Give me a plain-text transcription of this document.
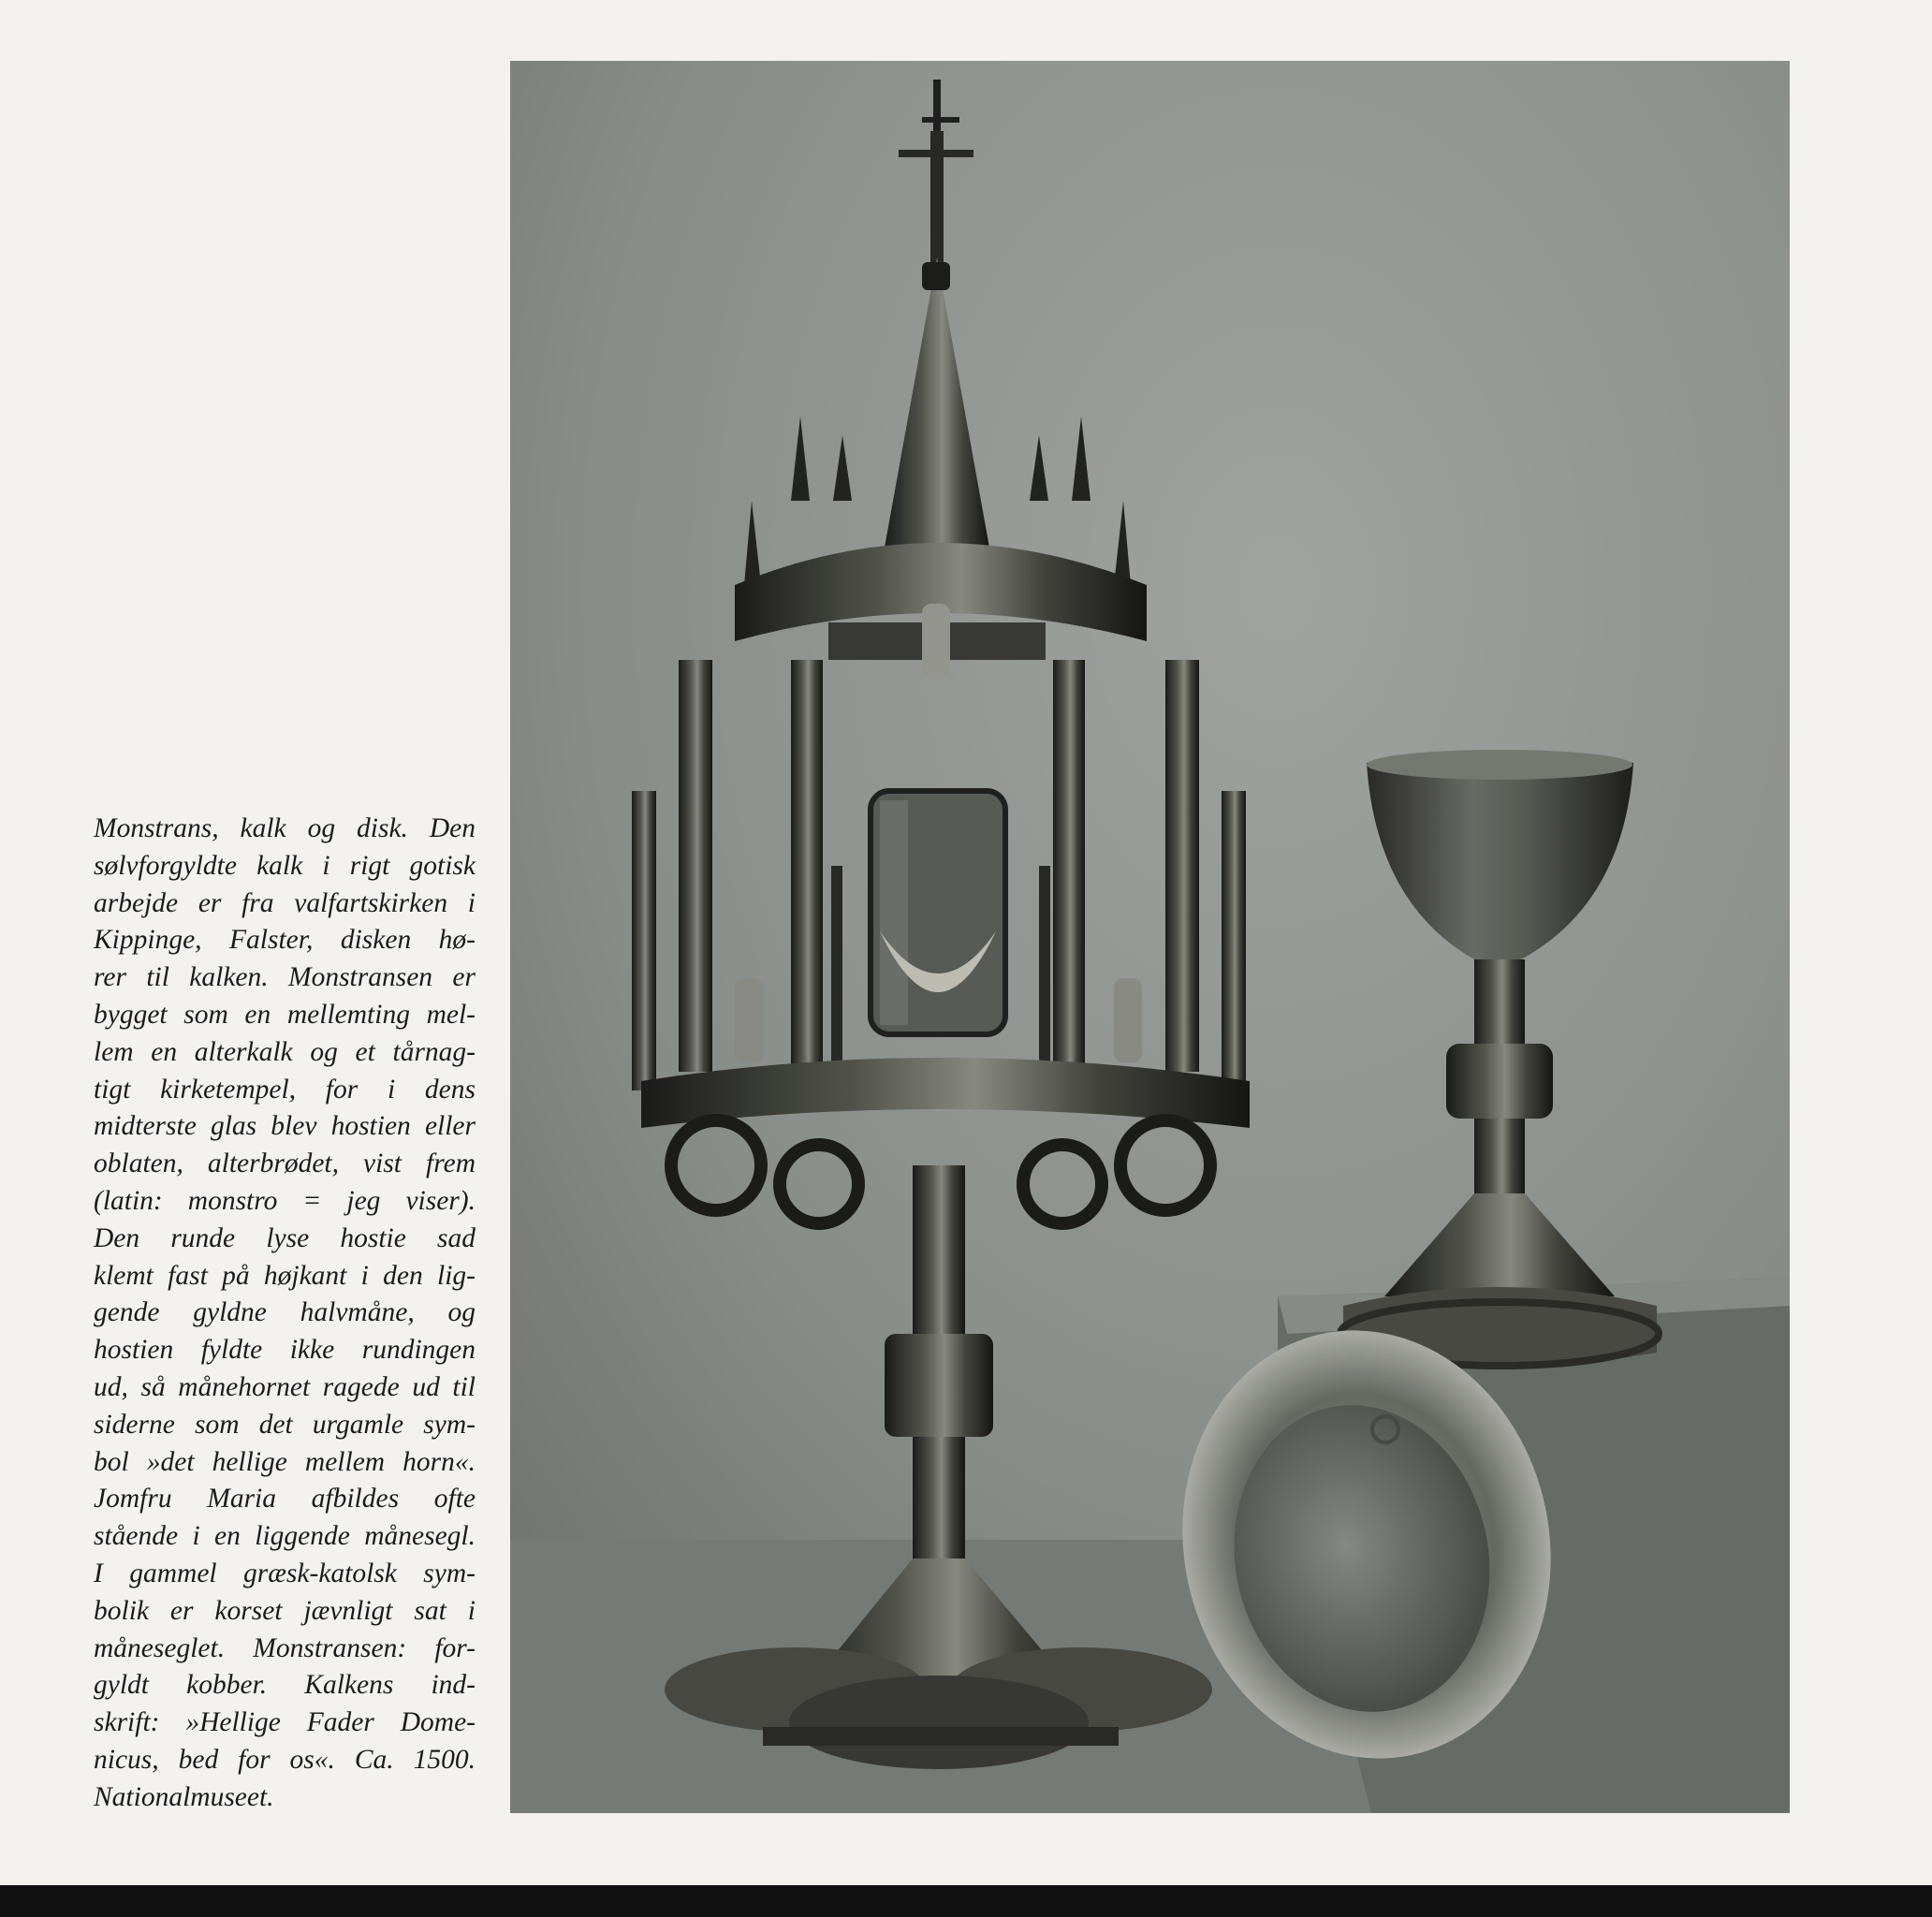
Monstrans, kalk og disk. Den
sølvforgyldte kalk i rigt gotisk
arbejde er fra valfartskirken i
Kippinge, Falster, disken hø-
rer til kalken. Monstransen er
bygget som en mellemting mel-
lem en alterkalk og et tårnag-
tigt kirketempel, for i dens
midterste glas blev hostien eller
oblaten, alterbrødet, vist frem
(latin: monstro = jeg viser).
Den runde lyse hostie sad
klemt fast på højkant i den lig-
gende gyldne halvmåne, og
hostien fyldte ikke rundingen
ud, så månehornet ragede ud til
siderne som det urgamle sym-
bol »det hellige mellem horn«.
Jomfru Maria afbildes ofte
stående i en liggende månesegl.
I gammel græsk-katolsk sym-
bolik er korset jævnligt sat i
måneseglet. Monstransen: for-
gyldt kobber. Kalkens ind-
skrift: »Hellige Fader Dome-
nicus, bed for os«. Ca. 1500.
Nationalmuseet.
